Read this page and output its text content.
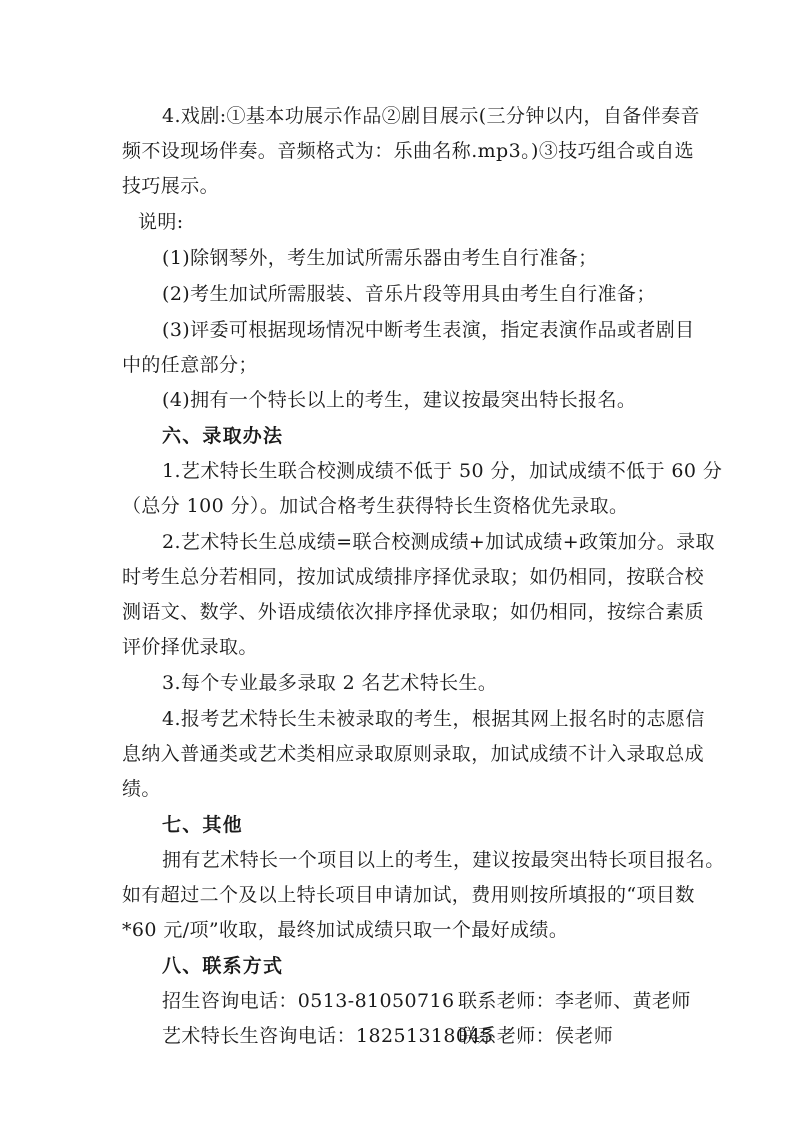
4.戏剧:①基本功展示作品②剧目展示(三分钟以内，自备伴奏音
频不设现场伴奏。音频格式为：乐曲名称.mp3。)③技巧组合或自选
技巧展示。
说明:
(1)除钢琴外，考生加试所需乐器由考生自行准备；
(2)考生加试所需服装、音乐片段等用具由考生自行准备；
(3)评委可根据现场情况中断考生表演，指定表演作品或者剧目
中的任意部分；
(4)拥有一个特长以上的考生，建议按最突出特长报名。
六、录取办法
1.艺术特长生联合校测成绩不低于 50 分，加试成绩不低于 60 分
（总分 100 分）。加试合格考生获得特长生资格优先录取。
2.艺术特长生总成绩=联合校测成绩+加试成绩+政策加分。录取
时考生总分若相同，按加试成绩排序择优录取；如仍相同，按联合校
测语文、数学、外语成绩依次排序择优录取；如仍相同，按综合素质
评价择优录取。
3.每个专业最多录取 2 名艺术特长生。
4.报考艺术特长生未被录取的考生，根据其网上报名时的志愿信
息纳入普通类或艺术类相应录取原则录取，加试成绩不计入录取总成
绩。
七、其他
拥有艺术特长一个项目以上的考生，建议按最突出特长项目报名。
如有超过二个及以上特长项目申请加试，费用则按所填报的“项目数
*60 元/项”收取，最终加试成绩只取一个最好成绩。
八、联系方式
招生咨询电话：0513-81050716 联系老师：李老师、黄老师
艺术特长生咨询电话：18251318045
联系老师：侯老师
